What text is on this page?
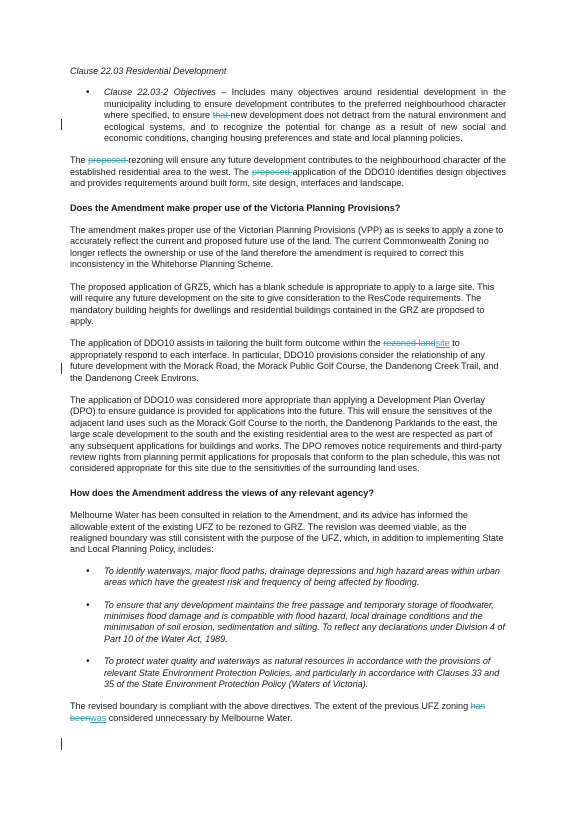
Clause 22.03 Residential Development

• Clause 22.03-2 Objectives – Includes many objectives around residential development in the municipality including to ensure development contributes to the preferred neighbourhood character where specified, to ensure that new development does not detract from the natural environment and ecological systems, and to recognize the potential for change as a result of new social and economic conditions, changing housing preferences and state and local planning policies.

The proposed rezoning will ensure any future development contributes to the neighbourhood character of the established residential area to the west. The proposed application of the DDO10 identifies design objectives and provides requirements around built form, site design, interfaces and landscape.

Does the Amendment make proper use of the Victoria Planning Provisions?

The amendment makes proper use of the Victorian Planning Provisions (VPP) as is seeks to apply a zone to accurately reflect the current and proposed future use of the land. The current Commonwealth Zoning no longer reflects the ownership or use of the land therefore the amendment is required to correct this inconsistency in the Whitehorse Planning Scheme.

The proposed application of GRZ5, which has a blank schedule is appropriate to apply to a large site. This will require any future development on the site to give consideration to the ResCode requirements. The mandatory building heights for dwellings and residential buildings contained in the GRZ are proposed to apply.

The application of DDO10 assists in tailoring the built form outcome within the rezoned landsite to appropriately respond to each interface. In particular, DDO10 provisions consider the relationship of any future development with the Morack Road, the Morack Public Golf Course, the Dandenong Creek Trail, and the Dandenong Creek Environs.

The application of DDO10 was considered more appropriate than applying a Development Plan Overlay (DPO) to ensure guidance is provided for applications into the future. This will ensure the sensitives of the adjacent land uses such as the Morack Golf Course to the north, the Dandenong Parklands to the east, the large scale development to the south and the existing residential area to the west are respected as part of any subsequent applications for buildings and works. The DPO removes notice requirements and third-party review rights from planning permit applications for proposals that conform to the plan schedule, this was not considered appropriate for this site due to the sensitivities of the surrounding land uses.

How does the Amendment address the views of any relevant agency?

Melbourne Water has been consulted in relation to the Amendment, and its advice has informed the allowable extent of the existing UFZ to be rezoned to GRZ. The revision was deemed viable, as the realigned boundary was still consistent with the purpose of the UFZ, which, in addition to implementing State and Local Planning Policy, includes:

• To identify waterways, major flood paths, drainage depressions and high hazard areas within urban areas which have the greatest risk and frequency of being affected by flooding.
• To ensure that any development maintains the free passage and temporary storage of floodwater, minimises flood damage and is compatible with flood hazard, local drainage conditions and the minimisation of soil erosion, sedimentation and silting. To reflect any declarations under Division 4 of Part 10 of the Water Act, 1989.
• To protect water quality and waterways as natural resources in accordance with the provisions of relevant State Environment Protection Policies, and particularly in accordance with Clauses 33 and 35 of the State Environment Protection Policy (Waters of Victoria).

The revised boundary is compliant with the above directives. The extent of the previous UFZ zoning has beenwas considered unnecessary by Melbourne Water.
